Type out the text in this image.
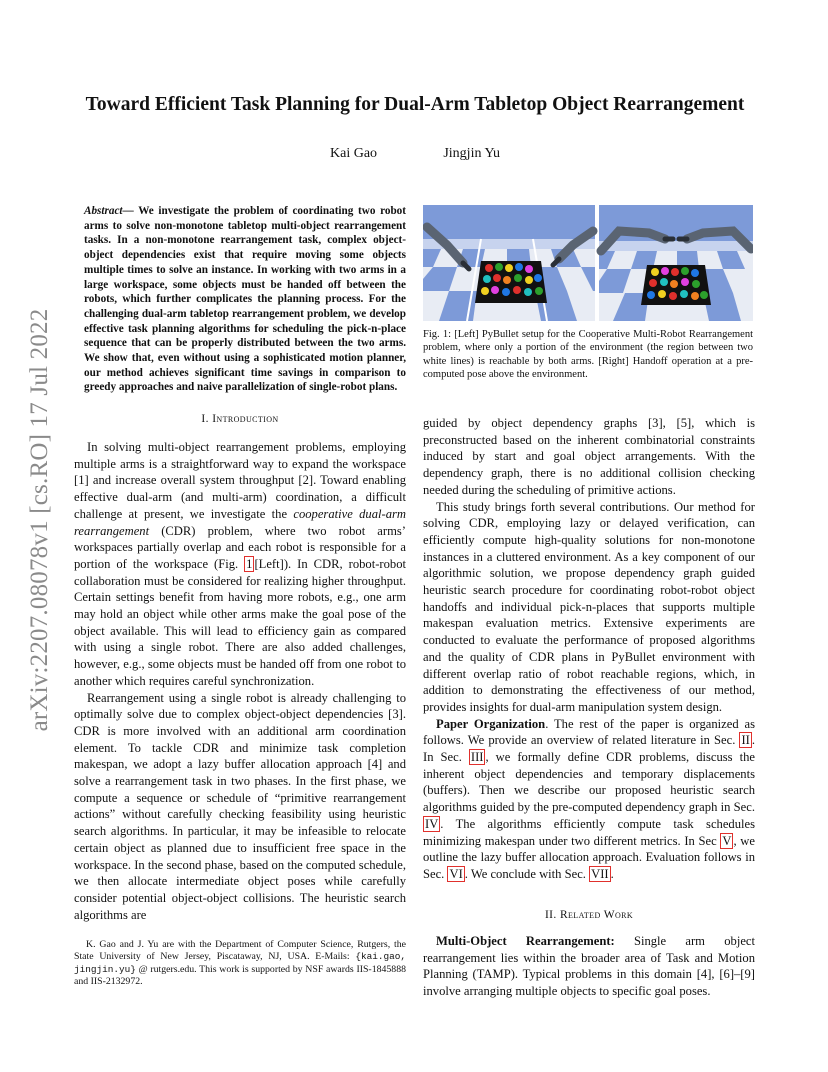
arXiv:2207.08078v1 [cs.RO] 17 Jul 2022
Toward Efficient Task Planning for Dual-Arm Tabletop Object Rearrangement
Kai Gao	Jingjin Yu
Abstract— We investigate the problem of coordinating two robot arms to solve non-monotone tabletop multi-object rearrangement tasks. In a non-monotone rearrangement task, complex object-object dependencies exist that require moving some objects multiple times to solve an instance. In working with two arms in a large workspace, some objects must be handed off between the robots, which further complicates the planning process. For the challenging dual-arm tabletop rearrangement problem, we develop effective task planning algorithms for scheduling the pick-n-place sequence that can be properly distributed between the two arms. We show that, even without using a sophisticated motion planner, our method achieves significant time savings in comparison to greedy approaches and naive parallelization of single-robot plans.
I. Introduction

In solving multi-object rearrangement problems, employing multiple arms is a straightforward way to expand the workspace [1] and increase overall system throughput [2]. Toward enabling effective dual-arm (and multi-arm) coordination, a difficult challenge at present, we investigate the cooperative dual-arm rearrangement (CDR) problem, where two robot arms’ workspaces partially overlap and each robot is responsible for a portion of the workspace (Fig. 1 [Left]). In CDR, robot-robot collaboration must be considered for realizing higher throughput. Certain settings benefit from having more robots, e.g., one arm may hold an object while other arms make the goal pose of the object available. This will lead to efficiency gain as compared with using a single robot. There are also added challenges, however, e.g., some objects must be handed off from one robot to another which requires careful synchronization.

Rearrangement using a single robot is already challenging to optimally solve due to complex object-object dependencies [3]. CDR is more involved with an additional arm coordination element. To tackle CDR and minimize task completion makespan, we adopt a lazy buffer allocation approach [4] and solve a rearrangement task in two phases. In the first phase, we compute a sequence or schedule of “primitive rearrangement actions” without carefully checking feasibility using heuristic search algorithms. In particular, it may be infeasible to relocate certain object as planned due to insufficient free space in the workspace. In the second phase, based on the computed schedule, we then allocate intermediate object poses while carefully consider potential object-object collisions. The heuristic search algorithms are

K. Gao and J. Yu are with the Department of Computer Science, Rutgers, the State University of New Jersey, Piscataway, NJ, USA. E-Mails: {kai.gao, jingjin.yu} @ rutgers.edu. This work is supported by NSF awards IIS-1845888 and IIS-2132972.

Fig. 1: [Left] PyBullet setup for the Cooperative Multi-Robot Rearrangement problem, where only a portion of the environment (the region between two white lines) is reachable by both arms. [Right] Handoff operation at a pre-computed pose above the environment.

guided by object dependency graphs [3], [5], which is preconstructed based on the inherent combinatorial constraints induced by start and goal object arrangements. With the dependency graph, there is no additional collision checking needed during the scheduling of primitive actions.

This study brings forth several contributions. Our method for solving CDR, employing lazy or delayed verification, can efficiently compute high-quality solutions for non-monotone instances in a cluttered environment. As a key component of our algorithmic solution, we propose dependency graph guided heuristic search procedure for coordinating robot-robot object handoffs and individual pick-n-places that supports multiple makespan evaluation metrics. Extensive experiments are conducted to evaluate the performance of proposed algorithms and the quality of CDR plans in PyBullet environment with different overlap ratio of robot reachable regions, which, in addition to demonstrating the effectiveness of our method, provides insights for dual-arm manipulation system design.

Paper Organization. The rest of the paper is organized as follows. We provide an overview of related literature in Sec. II . In Sec. III , we formally define CDR problems, discuss the inherent object dependencies and temporary displacements (buffers). Then we describe our proposed heuristic search algorithms guided by the pre-computed dependency graph in Sec. IV . The algorithms efficiently compute task schedules minimizing makespan under two different metrics. In Sec V , we outline the lazy buffer allocation approach. Evaluation follows in Sec. VI . We conclude with Sec. VII .

II. Related Work

Multi-Object Rearrangement: Single arm object rearrangement lies within the broader area of Task and Motion Planning (TAMP). Typical problems in this domain [4], [6]–[9] involve arranging multiple objects to specific goal poses.
